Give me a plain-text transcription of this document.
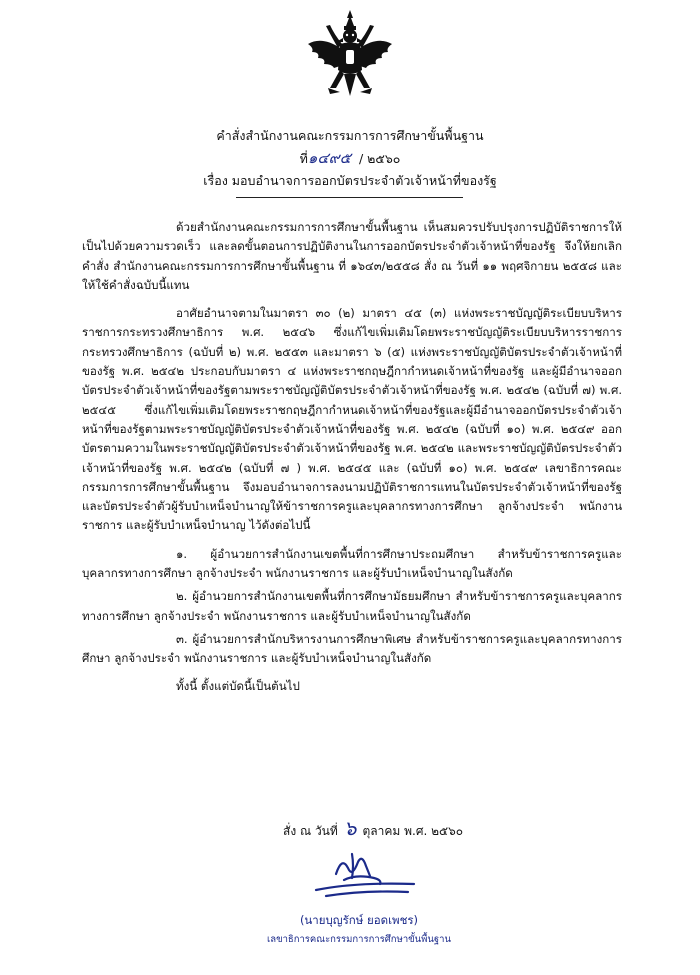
คำสั่งสำนักงานคณะกรรมการการศึกษาขั้นพื้นฐาน
ที่๑๔๙๕ / ๒๕๖๐
เรื่อง มอบอำนาจการออกบัตรประจำตัวเจ้าหน้าที่ของรัฐ

ด้วยสำนักงานคณะกรรมการการศึกษาขั้นพื้นฐาน เห็นสมควรปรับปรุงการปฏิบัติราชการให้เป็นไปด้วยความรวดเร็ว และลดขั้นตอนการปฏิบัติงานในการออกบัตรประจำตัวเจ้าหน้าที่ของรัฐ จึงให้ยกเลิกคำสั่ง สำนักงานคณะกรรมการการศึกษาขั้นพื้นฐาน ที่ ๑๖๔๓/๒๕๕๘ สั่ง ณ วันที่ ๑๑ พฤศจิกายน ๒๕๕๘ และให้ใช้คำสั่งฉบับนี้แทน

อาศัยอำนาจตามในมาตรา ๓๐ (๒) มาตรา ๔๕ (๓) แห่งพระราชบัญญัติระเบียบบริหารราชการกระทรวงศึกษาธิการ พ.ศ. ๒๕๔๖ ซึ่งแก้ไขเพิ่มเติมโดยพระราชบัญญัติระเบียบบริหารราชการกระทรวงศึกษาธิการ (ฉบับที่ ๒) พ.ศ. ๒๕๕๓ และมาตรา ๖ (๕) แห่งพระราชบัญญัติบัตรประจำตัวเจ้าหน้าที่ของรัฐ พ.ศ. ๒๕๔๒ ประกอบกับมาตรา ๔ แห่งพระราชกฤษฎีกากำหนดเจ้าหน้าที่ของรัฐ และผู้มีอำนาจออกบัตรประจำตัวเจ้าหน้าที่ของรัฐตามพระราชบัญญัติบัตรประจำตัวเจ้าหน้าที่ของรัฐ พ.ศ. ๒๕๔๒ (ฉบับที่ ๗) พ.ศ. ๒๕๔๕ ซึ่งแก้ไขเพิ่มเติมโดยพระราชกฤษฎีกากำหนดเจ้าหน้าที่ของรัฐและผู้มีอำนาจออกบัตรประจำตัวเจ้าหน้าที่ของรัฐตามพระราชบัญญัติบัตรประจำตัวเจ้าหน้าที่ของรัฐ พ.ศ. ๒๕๔๒ (ฉบับที่ ๑๐) พ.ศ. ๒๕๔๙ ออกบัตรตามความในพระราชบัญญัติบัตรประจำตัวเจ้าหน้าที่ของรัฐ พ.ศ. ๒๕๔๒ และพระราชบัญญัติบัตรประจำตัวเจ้าหน้าที่ของรัฐ พ.ศ. ๒๕๔๒ (ฉบับที่ ๗ ) พ.ศ. ๒๕๔๕ และ (ฉบับที่ ๑๐) พ.ศ. ๒๕๔๙ เลขาธิการคณะกรรมการการศึกษาขั้นพื้นฐาน จึงมอบอำนาจการลงนามปฏิบัติราชการแทนในบัตรประจำตัวเจ้าหน้าที่ของรัฐ และบัตรประจำตัวผู้รับบำเหน็จบำนาญให้ข้าราชการครูและบุคลากรทางการศึกษา ลูกจ้างประจำ พนักงานราชการ และผู้รับบำเหน็จบำนาญ ไว้ดังต่อไปนี้

๑. ผู้อำนวยการสำนักงานเขตพื้นที่การศึกษาประถมศึกษา สำหรับข้าราชการครูและบุคลากรทางการศึกษา ลูกจ้างประจำ พนักงานราชการ และผู้รับบำเหน็จบำนาญในสังกัด

๒. ผู้อำนวยการสำนักงานเขตพื้นที่การศึกษามัธยมศึกษา สำหรับข้าราชการครูและบุคลากรทางการศึกษา ลูกจ้างประจำ พนักงานราชการ และผู้รับบำเหน็จบำนาญในสังกัด

๓. ผู้อำนวยการสำนักบริหารงานการศึกษาพิเศษ สำหรับข้าราชการครูและบุคลากรทางการศึกษา ลูกจ้างประจำ พนักงานราชการ และผู้รับบำเหน็จบำนาญในสังกัด

ทั้งนี้ ตั้งแต่บัดนี้เป็นต้นไป

สั่ง ณ วันที่ ๖ ตุลาคม พ.ศ. ๒๕๖๐
(นายบุญรักษ์ ยอดเพชร)
เลขาธิการคณะกรรมการการศึกษาขั้นพื้นฐาน
